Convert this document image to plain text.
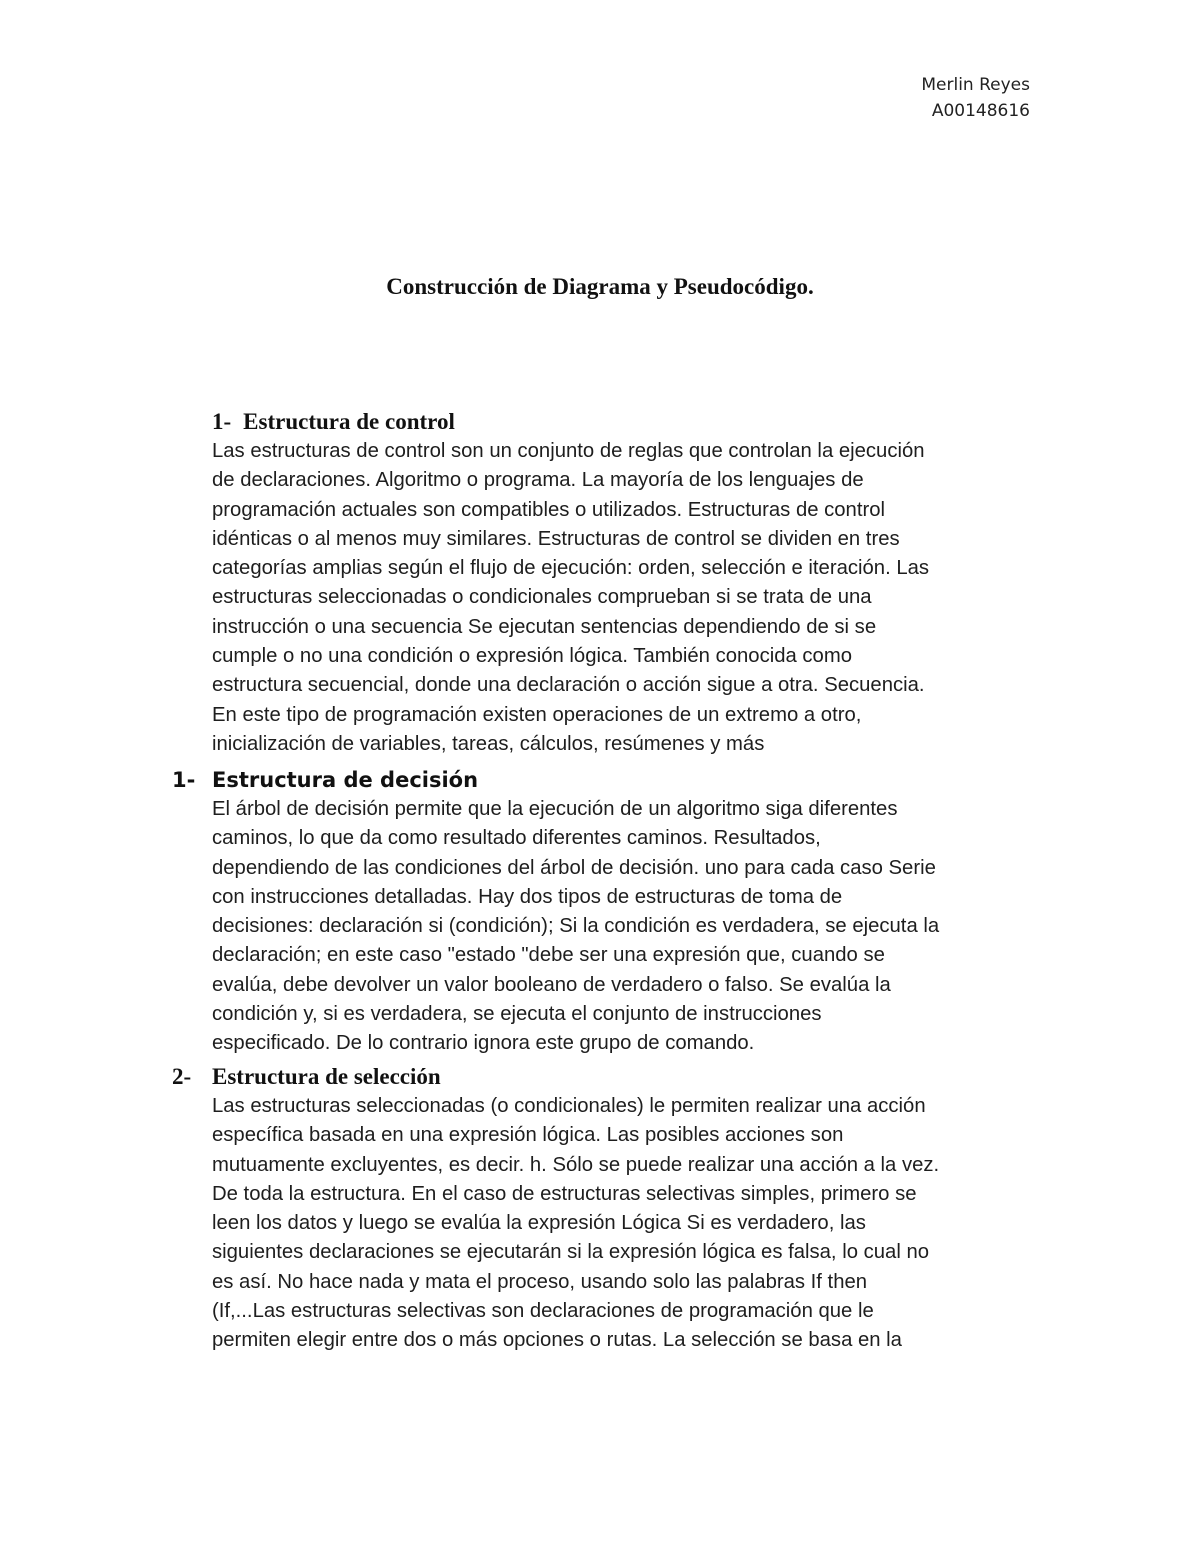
Merlin Reyes
A00148616
Construcción de Diagrama y Pseudocódigo.
1- Estructura de control
Las estructuras de control son un conjunto de reglas que controlan la ejecución
de declaraciones. Algoritmo o programa. La mayoría de los lenguajes de
programación actuales son compatibles o utilizados. Estructuras de control
idénticas o al menos muy similares. Estructuras de control se dividen en tres
categorías amplias según el flujo de ejecución: orden, selección e iteración. Las
estructuras seleccionadas o condicionales comprueban si se trata de una
instrucción o una secuencia Se ejecutan sentencias dependiendo de si se
cumple o no una condición o expresión lógica. También conocida como
estructura secuencial, donde una declaración o acción sigue a otra. Secuencia.
En este tipo de programación existen operaciones de un extremo a otro,
inicialización de variables, tareas, cálculos, resúmenes y más
1- Estructura de decisión
El árbol de decisión permite que la ejecución de un algoritmo siga diferentes
caminos, lo que da como resultado diferentes caminos. Resultados,
dependiendo de las condiciones del árbol de decisión. uno para cada caso Serie
con instrucciones detalladas. Hay dos tipos de estructuras de toma de
decisiones: declaración si (condición); Si la condición es verdadera, se ejecuta la
declaración; en este caso "estado "debe ser una expresión que, cuando se
evalúa, debe devolver un valor booleano de verdadero o falso. Se evalúa la
condición y, si es verdadera, se ejecuta el conjunto de instrucciones
especificado. De lo contrario ignora este grupo de comando.
2- Estructura de selección
Las estructuras seleccionadas (o condicionales) le permiten realizar una acción
específica basada en una expresión lógica. Las posibles acciones son
mutuamente excluyentes, es decir. h. Sólo se puede realizar una acción a la vez.
De toda la estructura. En el caso de estructuras selectivas simples, primero se
leen los datos y luego se evalúa la expresión Lógica Si es verdadero, las
siguientes declaraciones se ejecutarán si la expresión lógica es falsa, lo cual no
es así. No hace nada y mata el proceso, usando solo las palabras If then
(If,...Las estructuras selectivas son declaraciones de programación que le
permiten elegir entre dos o más opciones o rutas. La selección se basa en la
